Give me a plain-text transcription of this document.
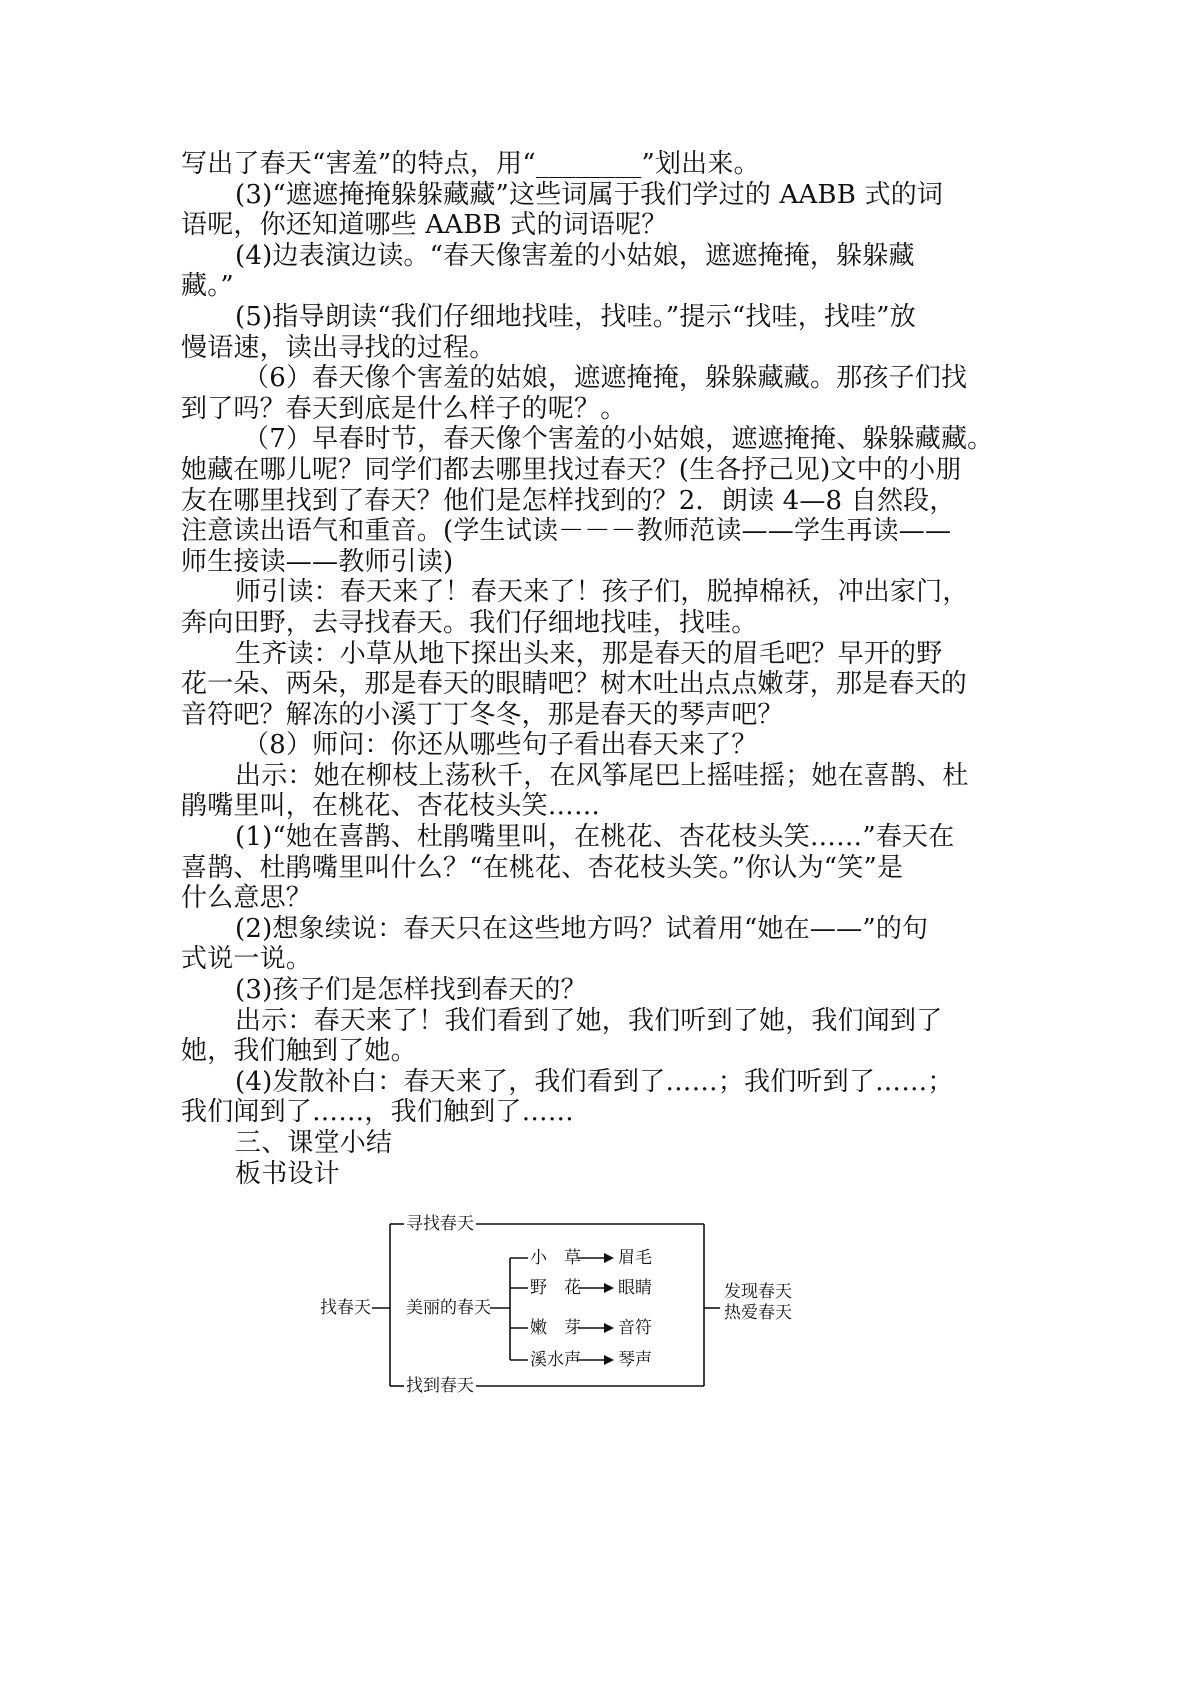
写出了春天“害羞”的特点，用“________”划出来。
(3)“遮遮掩掩躲躲藏藏”这些词属于我们学过的 AABB 式的词
语呢，你还知道哪些 AABB 式的词语呢？
(4)边表演边读。“春天像害羞的小姑娘，遮遮掩掩，躲躲藏
藏。”
(5)指导朗读“我们仔细地找哇，找哇。”提示“找哇，找哇”放
慢语速，读出寻找的过程。
（6）春天像个害羞的姑娘，遮遮掩掩，躲躲藏藏。那孩子们找
到了吗？春天到底是什么样子的呢？。
（7）早春时节，春天像个害羞的小姑娘，遮遮掩掩、躲躲藏藏。
她藏在哪儿呢？同学们都去哪里找过春天？(生各抒己见)文中的小朋
友在哪里找到了春天？他们是怎样找到的？2．朗读 4—8 自然段，
注意读出语气和重音。(学生试读－－－教师范读——学生再读——
师生接读——教师引读)
师引读：春天来了！春天来了！孩子们，脱掉棉袄，冲出家门，
奔向田野，去寻找春天。我们仔细地找哇，找哇。
生齐读：小草从地下探出头来，那是春天的眉毛吧？早开的野
花一朵、两朵，那是春天的眼睛吧？树木吐出点点嫩芽，那是春天的
音符吧？解冻的小溪丁丁冬冬，那是春天的琴声吧？
（8）师问：你还从哪些句子看出春天来了？
出示：她在柳枝上荡秋千，在风筝尾巴上摇哇摇；她在喜鹊、杜
鹃嘴里叫，在桃花、杏花枝头笑……
(1)“她在喜鹊、杜鹃嘴里叫，在桃花、杏花枝头笑……”春天在
喜鹊、杜鹃嘴里叫什么？“在桃花、杏花枝头笑。”你认为“笑”是
什么意思？
(2)想象续说：春天只在这些地方吗？试着用“她在——”的句
式说一说。
(3)孩子们是怎样找到春天的？
出示：春天来了！我们看到了她，我们听到了她，我们闻到了
她，我们触到了她。
(4)发散补白：春天来了，我们看到了……；我们听到了……；
我们闻到了……，我们触到了……
三、课堂小结
板书设计
找春天
寻找春天
美丽的春天
找到春天
小　草 眉毛
野　花 眼睛
嫩　芽 音符
溪水声 琴声
发现春天
热爱春天
